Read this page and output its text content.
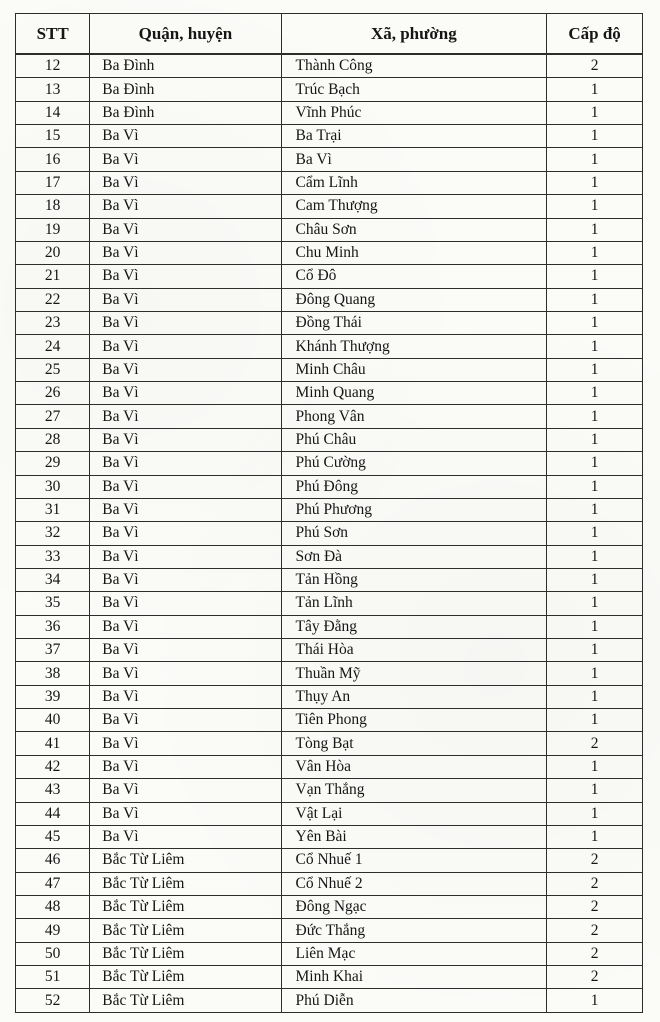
STT	Quận, huyện	Xã, phường	Cấp độ
12	Ba Đình	Thành Công	2
13	Ba Đình	Trúc Bạch	1
14	Ba Đình	Vĩnh Phúc	1
15	Ba Vì	Ba Trại	1
16	Ba Vì	Ba Vì	1
17	Ba Vì	Cẩm Lĩnh	1
18	Ba Vì	Cam Thượng	1
19	Ba Vì	Châu Sơn	1
20	Ba Vì	Chu Minh	1
21	Ba Vì	Cổ Đô	1
22	Ba Vì	Đông Quang	1
23	Ba Vì	Đồng Thái	1
24	Ba Vì	Khánh Thượng	1
25	Ba Vì	Minh Châu	1
26	Ba Vì	Minh Quang	1
27	Ba Vì	Phong Vân	1
28	Ba Vì	Phú Châu	1
29	Ba Vì	Phú Cường	1
30	Ba Vì	Phú Đông	1
31	Ba Vì	Phú Phương	1
32	Ba Vì	Phú Sơn	1
33	Ba Vì	Sơn Đà	1
34	Ba Vì	Tản Hồng	1
35	Ba Vì	Tản Lĩnh	1
36	Ba Vì	Tây Đằng	1
37	Ba Vì	Thái Hòa	1
38	Ba Vì	Thuần Mỹ	1
39	Ba Vì	Thụy An	1
40	Ba Vì	Tiên Phong	1
41	Ba Vì	Tòng Bạt	2
42	Ba Vì	Vân Hòa	1
43	Ba Vì	Vạn Thắng	1
44	Ba Vì	Vật Lại	1
45	Ba Vì	Yên Bài	1
46	Bắc Từ Liêm	Cổ Nhuế 1	2
47	Bắc Từ Liêm	Cổ Nhuế 2	2
48	Bắc Từ Liêm	Đông Ngạc	2
49	Bắc Từ Liêm	Đức Thắng	2
50	Bắc Từ Liêm	Liên Mạc	2
51	Bắc Từ Liêm	Minh Khai	2
52	Bắc Từ Liêm	Phú Diễn	1
